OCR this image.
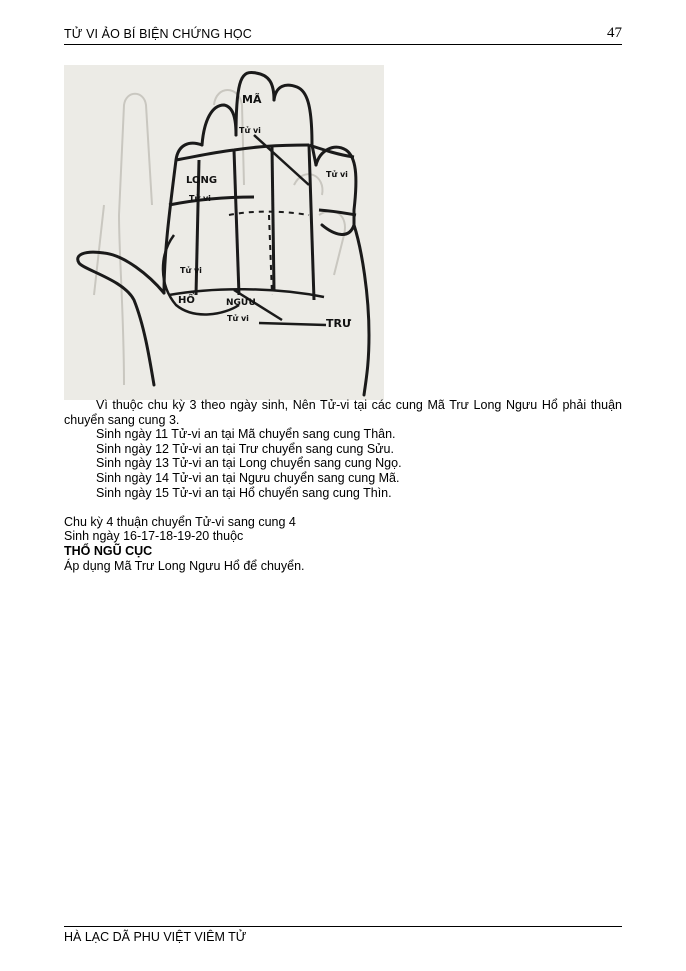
TỬ VI ẢO BÍ BIỆN CHỨNG HỌC	47
MÃ
Tử vi
Tử vi
LONG
Tử vi
Tử vi
HỔ	NGƯU
Tử vi	TRƯ

Vì thuộc chu kỳ 3 theo ngày sinh, Nên Tử-vi tại các cung Mã Trư Long Ngưu Hổ phải thuận chuyển sang cung 3.

Sinh ngày 11 Tử-vi an tại Mã chuyển sang cung Thân.

Sinh ngày 12 Tử-vi an tại Trư chuyển sang cung Sửu.

Sinh ngày 13 Tử-vi an tại Long chuyển sang cung Ngọ.

Sinh ngày 14 Tử-vi an tại Ngưu chuyển sang cung Mã.

Sinh ngày 15 Tử-vi an tại Hổ chuyển sang cung Thìn.

Chu kỳ 4 thuận chuyển Tử-vi sang cung 4

Sinh ngày 16-17-18-19-20 thuộc

THỔ NGŨ CỤC

Áp dụng Mã Trư Long Ngưu Hổ để chuyển.

HÀ LẠC DÃ PHU VIỆT VIÊM TỬ
